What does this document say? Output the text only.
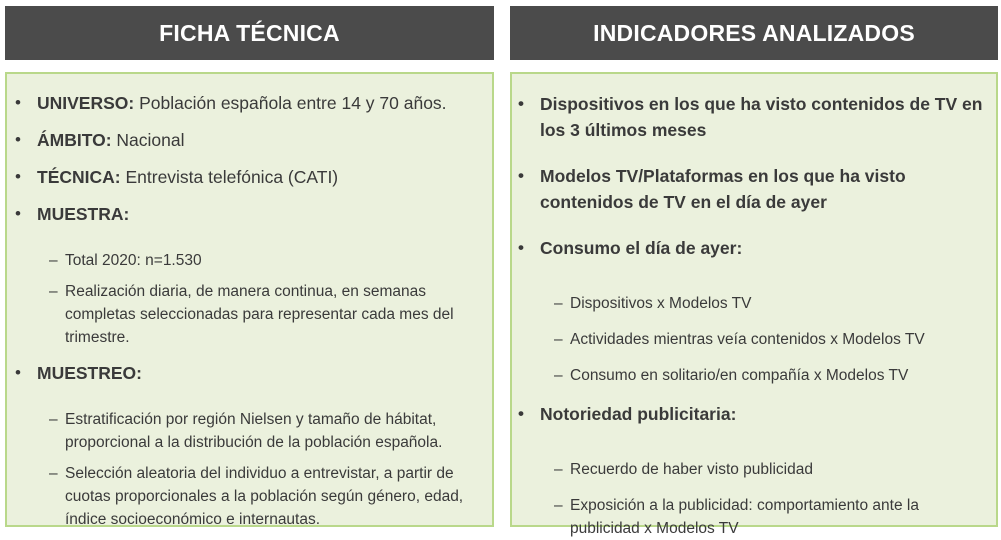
FICHA TÉCNICA	INDICADORES ANALIZADOS
• UNIVERSO: Población española entre 14 y 70 años.
• ÁMBITO: Nacional
• TÉCNICA: Entrevista telefónica (CATI)
• MUESTRA:
– Total 2020: n=1.530
– Realización diaria, de manera continua, en semanas completas seleccionadas para representar cada mes del trimestre.
• MUESTREO:
– Estratificación por región Nielsen y tamaño de hábitat, proporcional a la distribución de la población española.
– Selección aleatoria del individuo a entrevistar, a partir de cuotas proporcionales a la población según género, edad, índice socioeconómico e internautas.
• Dispositivos en los que ha visto contenidos de TV en los 3 últimos meses
• Modelos TV/Plataformas en los que ha visto contenidos de TV en el día de ayer
• Consumo el día de ayer:
– Dispositivos x Modelos TV
– Actividades mientras veía contenidos x Modelos TV
– Consumo en solitario/en compañía x Modelos TV
• Notoriedad publicitaria:
– Recuerdo de haber visto publicidad
– Exposición a la publicidad: comportamiento ante la publicidad x Modelos TV
